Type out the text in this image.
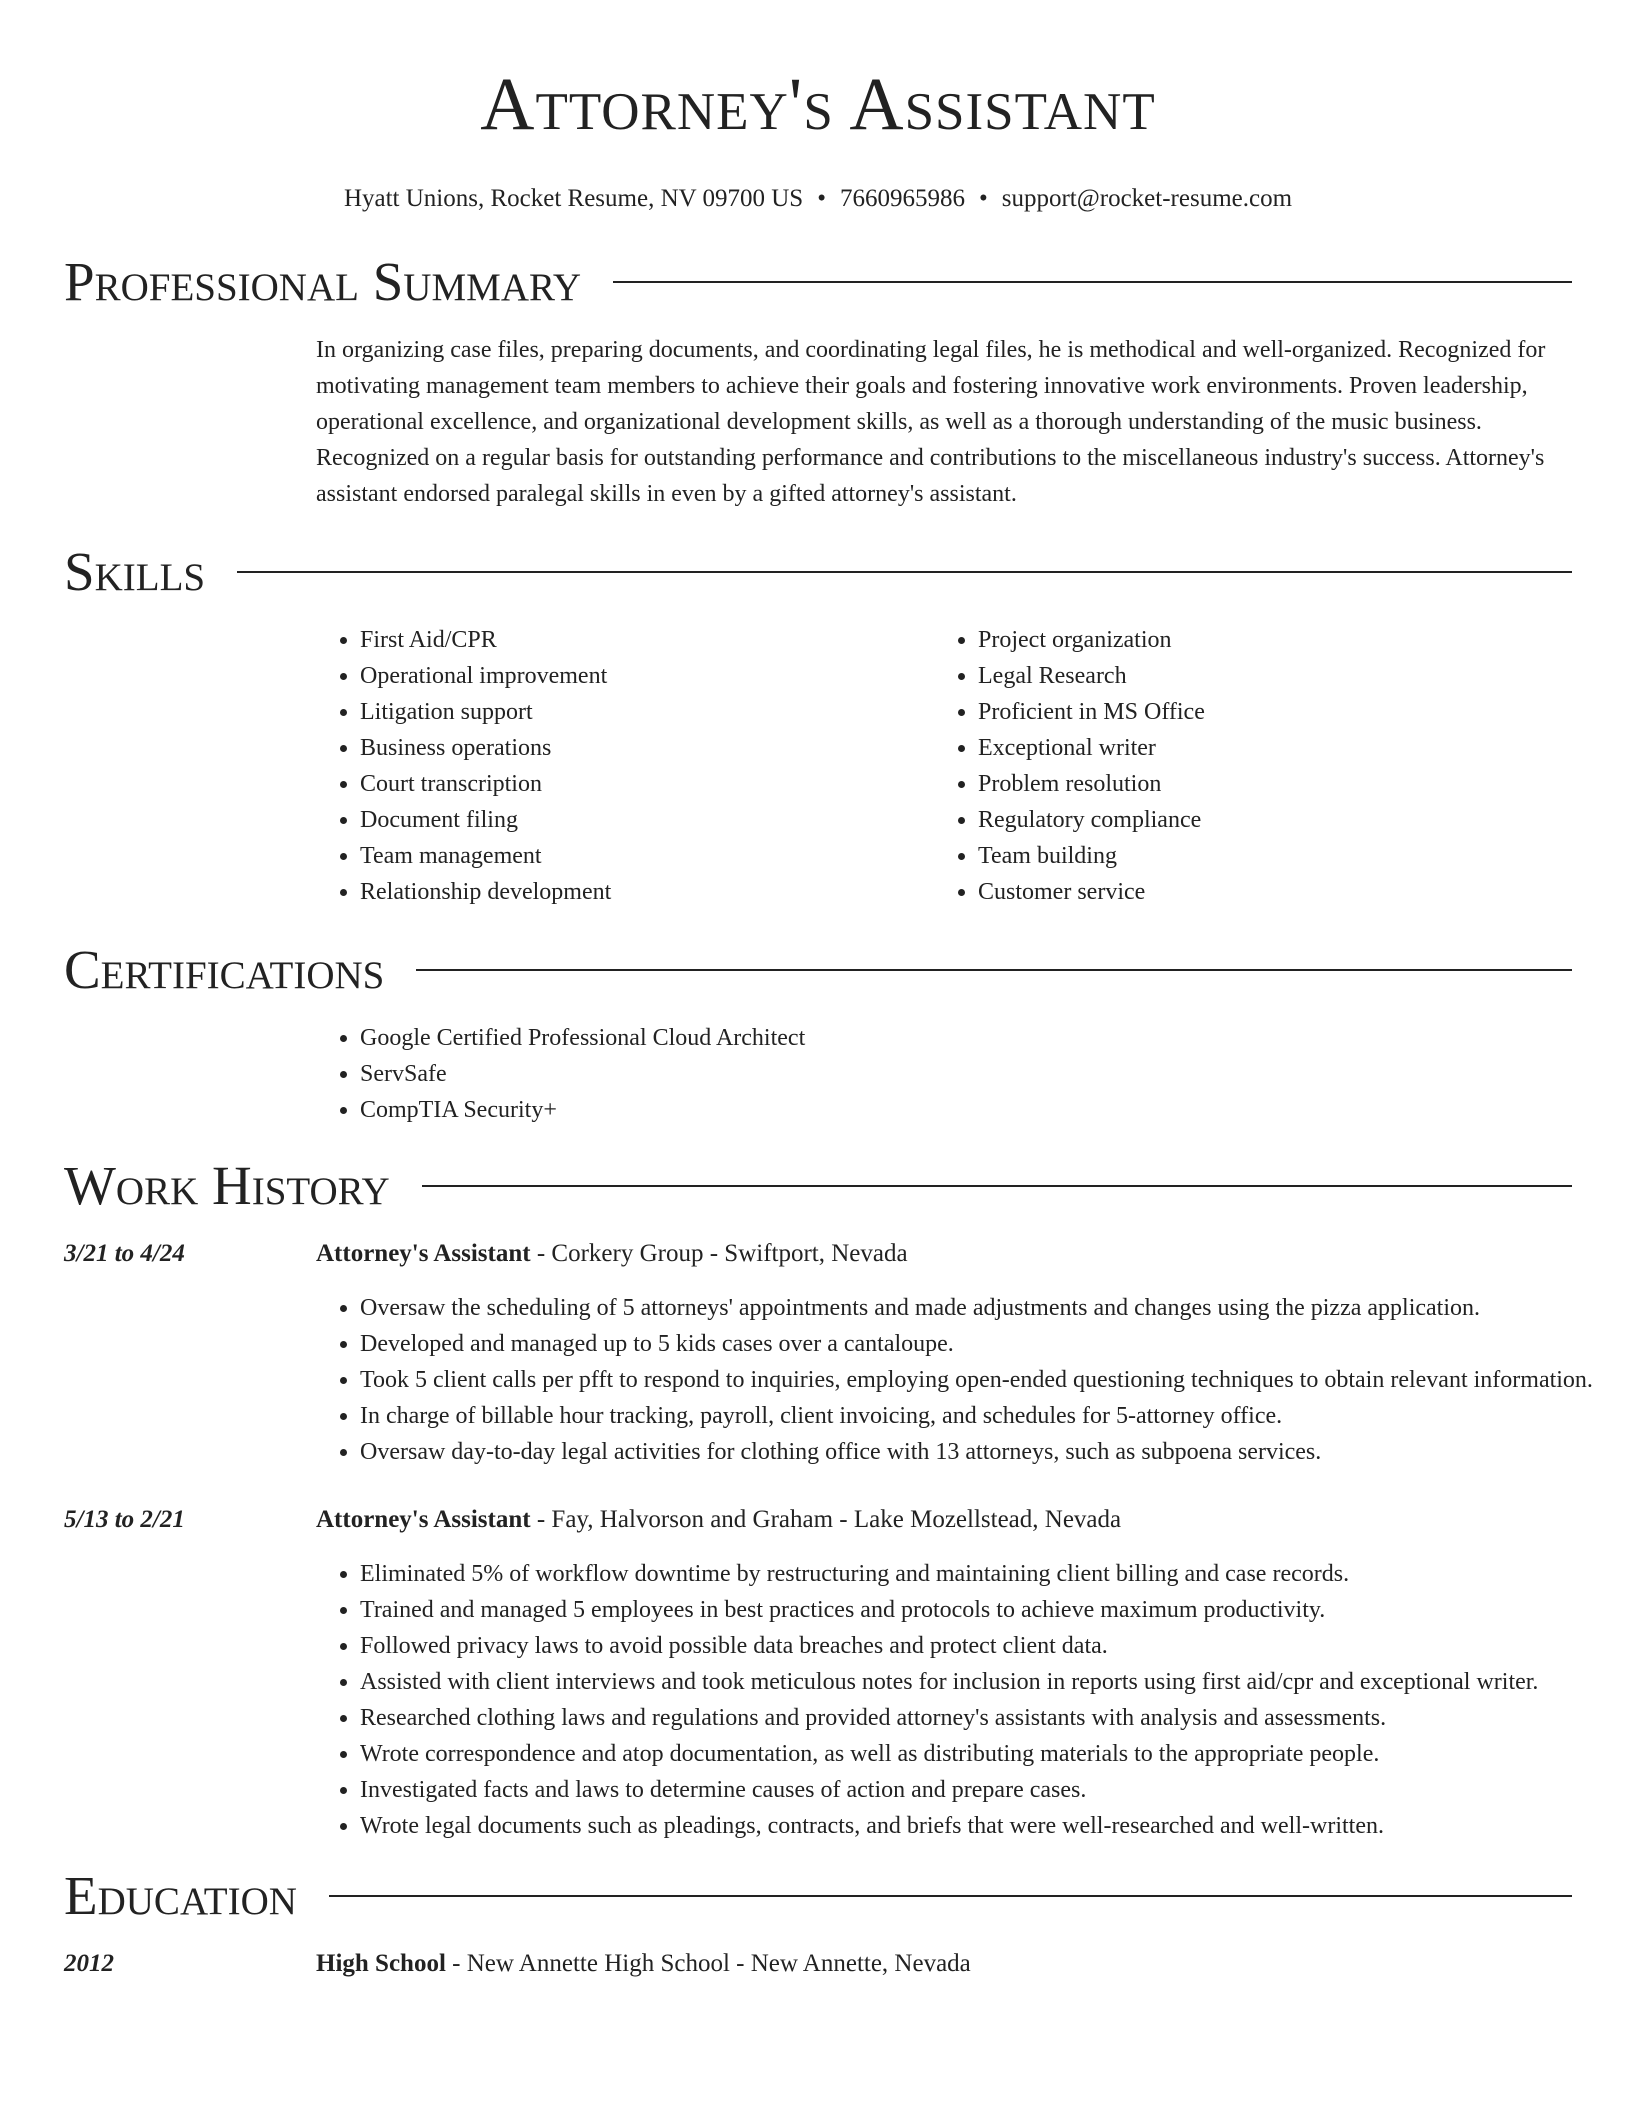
Attorney's Assistant
Hyatt Unions, Rocket Resume, NV 09700 US • 7660965986 • support@rocket-resume.com
Professional Summary
In organizing case files, preparing documents, and coordinating legal files, he is methodical and well-organized. Recognized for motivating management team members to achieve their goals and fostering innovative work environments. Proven leadership, operational excellence, and organizational development skills, as well as a thorough understanding of the music business. Recognized on a regular basis for outstanding performance and contributions to the miscellaneous industry's success. Attorney's assistant endorsed paralegal skills in even by a gifted attorney's assistant.
Skills
• First Aid/CPR
• Operational improvement
• Litigation support
• Business operations
• Court transcription
• Document filing
• Team management
• Relationship development
• Project organization
• Legal Research
• Proficient in MS Office
• Exceptional writer
• Problem resolution
• Regulatory compliance
• Team building
• Customer service
Certifications
• Google Certified Professional Cloud Architect
• ServSafe
• CompTIA Security+
Work History
3/21 to 4/24	Attorney's Assistant - Corkery Group - Swiftport, Nevada
• Oversaw the scheduling of 5 attorneys' appointments and made adjustments and changes using the pizza application.
• Developed and managed up to 5 kids cases over a cantaloupe.
• Took 5 client calls per pfft to respond to inquiries, employing open-ended questioning techniques to obtain relevant information.
• In charge of billable hour tracking, payroll, client invoicing, and schedules for 5-attorney office.
• Oversaw day-to-day legal activities for clothing office with 13 attorneys, such as subpoena services.
5/13 to 2/21	Attorney's Assistant - Fay, Halvorson and Graham - Lake Mozellstead, Nevada
• Eliminated 5% of workflow downtime by restructuring and maintaining client billing and case records.
• Trained and managed 5 employees in best practices and protocols to achieve maximum productivity.
• Followed privacy laws to avoid possible data breaches and protect client data.
• Assisted with client interviews and took meticulous notes for inclusion in reports using first aid/cpr and exceptional writer.
• Researched clothing laws and regulations and provided attorney's assistants with analysis and assessments.
• Wrote correspondence and atop documentation, as well as distributing materials to the appropriate people.
• Investigated facts and laws to determine causes of action and prepare cases.
• Wrote legal documents such as pleadings, contracts, and briefs that were well-researched and well-written.
Education
2012	High School - New Annette High School - New Annette, Nevada
